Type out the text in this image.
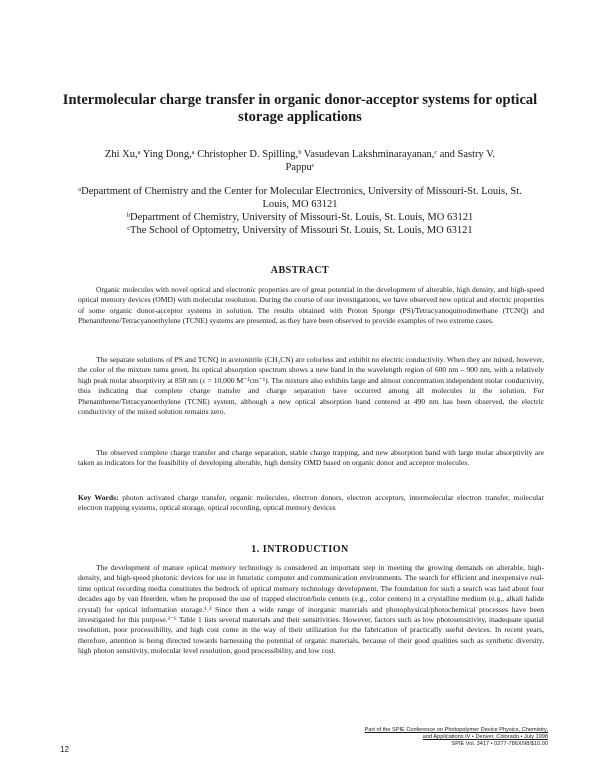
Intermolecular charge transfer in organic donor-acceptor systems for optical storage applications

Zhi Xu,ᵃ Ying Dong,ᵃ Christopher D. Spilling,ᵇ Vasudevan Lakshminarayanan,ᶜ and Sastry V. Pappuᶜ

ᵃDepartment of Chemistry and the Center for Molecular Electronics, University of Missouri-St. Louis, St. Louis, MO 63121
ᵇDepartment of Chemistry, University of Missouri-St. Louis, St. Louis, MO 63121
ᶜThe School of Optometry, University of Missouri St. Louis, St. Louis, MO 63121
ABSTRACT

Organic molecules with novel optical and electronic properties are of great potential in the development of alterable, high density, and high-speed optical memory devices (OMD) with molecular resolution. During the course of our investigations, we have observed new optical and electric properties of some organic donor-acceptor systems in solution. The results obtained with Proton Sponge (PS)/Tetracyanoquinodimethane (TCNQ) and Phenanthrene/Tetracyanoethylene (TCNE) systems are presented, as they have been observed to provide examples of two extreme cases.

The separate solutions of PS and TCNQ in acetonitrile (CH₃CN) are colorless and exhibit no electric conductivity. When they are mixed, however, the color of the mixture turns green. Its optical absorption spectrum shows a new band in the wavelength region of 600 nm – 900 nm, with a relatively high peak molar absorptivity at 850 nm (ε = 10,000 M⁻¹cm⁻¹). The mixture also exhibits large and almost concentration independent molar conductivity, thus indicating that complete charge transfer and charge separation have occurred among all molecules in the solution. For Phenanthrene/Tetracyanoethylene (TCNE) system, although a new optical absorption band centered at 490 nm has been observed, the electric conductivity of the mixed solution remains zero.

The observed complete charge transfer and charge separation, stable charge trapping, and new absorption band with large molar absorptivity are taken as indicators for the feasibility of developing alterable, high density OMD based on organic donor and acceptor molecules.

Key Words: photon activated charge transfer, organic molecules, electron donors, electron acceptors, intermolecular electron transfer, molecular electron trapping systems, optical storage, optical recording, optical memory devices

1. INTRODUCTION

The development of mature optical memory technology is considered an important step in meeting the growing demands on alterable, high-density, and high-speed photonic devices for use in futuristic computer and communication environments. The search for efficient and inexpensive real-time optical recording media constitutes the bedrock of optical memory technology development. The foundation for such a search was laid about four decades ago by van Heerden, when he proposed the use of trapped electron/hole centers (e.g., color centers) in a crystalline medium (e.g., alkali halide crystal) for optical information storage.¹˒² Since then a wide range of inorganic materials and photophysical/photochemical processes have been investigated for this purpose.³⁻⁶ Table 1 lists several materials and their sensitivities. However, factors such as low photosensitivity, inadequate spatial resolution, poor processibility, and high cost come in the way of their utilization for the fabrication of practically useful devices. In recent years, therefore, attention is being directed towards harnessing the potential of organic materials, because of their good qualities such as synthetic diversity, high photon sensitivity, molecular level resolution, good processibility, and low cost.

Part of the SPIE Conference on Photopolymer Device Physics, Chemistry,
and Applications IV • Denver, Colorado • July 1998
SPIE Vol. 3417 • 0277-786X/98/$10.00
12
